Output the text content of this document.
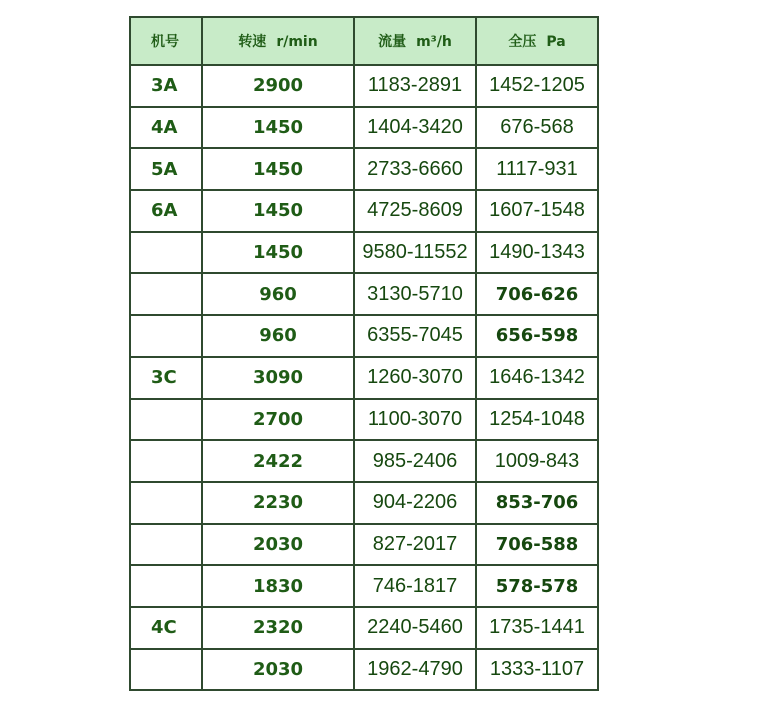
机号	转速 r/min	流量 m³/h	全压 Pa
3A	2900	1183-2891	1452-1205
4A	1450	1404-3420	676-568
5A	1450	2733-6660	1117-931
6A	1450	4725-8609	1607-1548
	1450	9580-11552	1490-1343
	960	3130-5710	706-626
	960	6355-7045	656-598
3C	3090	1260-3070	1646-1342
	2700	1100-3070	1254-1048
	2422	985-2406	1009-843
	2230	904-2206	853-706
	2030	827-2017	706-588
	1830	746-1817	578-578
4C	2320	2240-5460	1735-1441
	2030	1962-4790	1333-1107
